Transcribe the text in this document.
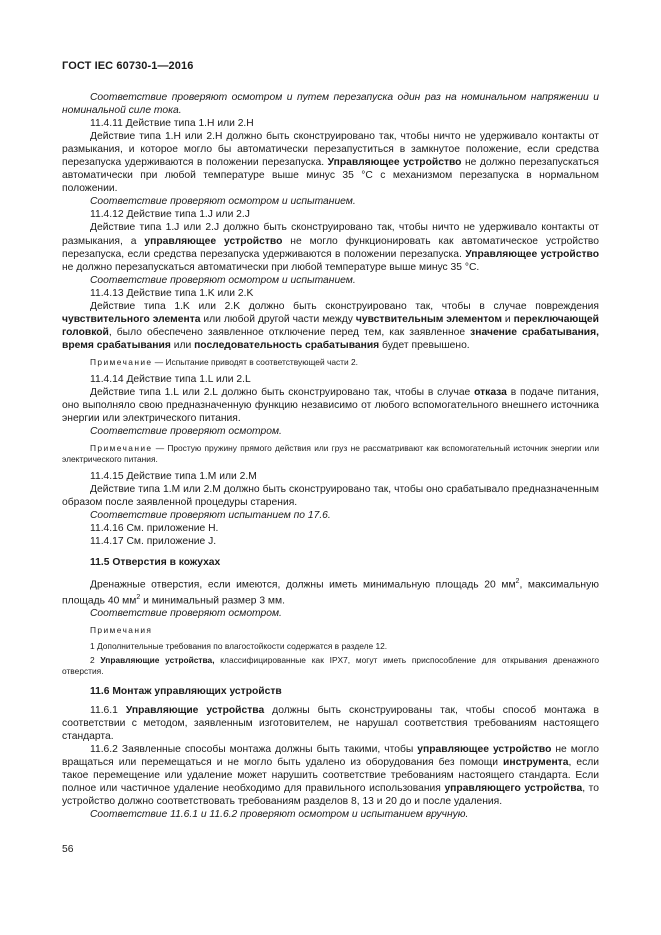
ГОСТ IEC 60730-1—2016

Соответствие проверяют осмотром и путем перезапуска один раз на номинальном напряжении и номинальной силе тока.

11.4.11 Действие типа 1.H или 2.H

Действие типа 1.H или 2.H должно быть сконструировано так, чтобы ничто не удерживало контакты от размыкания, и которое могло бы автоматически перезапуститься в замкнутое положение, если средства перезапуска удерживаются в положении перезапуска. Управляющее устройство не должно перезапускаться автоматически при любой температуре выше минус 35 °C с механизмом перезапуска в нормальном положении.

Соответствие проверяют осмотром и испытанием.

11.4.12 Действие типа 1.J или 2.J

Действие типа 1.J или 2.J должно быть сконструировано так, чтобы ничто не удерживало контакты от размыкания, а управляющее устройство не могло функционировать как автоматическое устройство перезапуска, если средства перезапуска удерживаются в положении перезапуска. Управляющее устройство не должно перезапускаться автоматически при любой температуре выше минус 35 °C.

Соответствие проверяют осмотром и испытанием.

11.4.13 Действие типа 1.K или 2.K

Действие типа 1.K или 2.K должно быть сконструировано так, чтобы в случае повреждения чувствительного элемента или любой другой части между чувствительным элементом и переключающей головкой, было обеспечено заявленное отключение перед тем, как заявленное значение срабатывания, время срабатывания или последовательность срабатывания будет превышено.

Примечание — Испытание приводят в соответствующей части 2.

11.4.14 Действие типа 1.L или 2.L

Действие типа 1.L или 2.L должно быть сконструировано так, чтобы в случае отказа в подаче питания, оно выполняло свою предназначенную функцию независимо от любого вспомогательного внешнего источника энергии или электрического питания.

Соответствие проверяют осмотром.

Примечание — Простую пружину прямого действия или груз не рассматривают как вспомогательный источник энергии или электрического питания.

11.4.15 Действие типа 1.M или 2.M

Действие типа 1.M или 2.M должно быть сконструировано так, чтобы оно срабатывало предназначенным образом после заявленной процедуры старения.

Соответствие проверяют испытанием по 17.6.

11.4.16 См. приложение H.

11.4.17 См. приложение J.

11.5 Отверстия в кожухах

Дренажные отверстия, если имеются, должны иметь минимальную площадь 20 $мм^2$, максимальную площадь 40 $мм^2$ и минимальный размер 3 мм.

Соответствие проверяют осмотром.

Примечания

1 Дополнительные требования по влагостойкости содержатся в разделе 12.

2 Управляющие устройства, классифицированные как IPX7, могут иметь приспособление для открывания дренажного отверстия.

11.6 Монтаж управляющих устройств

11.6.1 Управляющие устройства должны быть сконструированы так, чтобы способ монтажа в соответствии с методом, заявленным изготовителем, не нарушал соответствия требованиям настоящего стандарта.

11.6.2 Заявленные способы монтажа должны быть такими, чтобы управляющее устройство не могло вращаться или перемещаться и не могло быть удалено из оборудования без помощи инструмента, если такое перемещение или удаление может нарушить соответствие требованиям настоящего стандарта. Если полное или частичное удаление необходимо для правильного использования управляющего устройства, то устройство должно соответствовать требованиям разделов 8, 13 и 20 до и после удаления.

Соответствие 11.6.1 и 11.6.2 проверяют осмотром и испытанием вручную.

56
